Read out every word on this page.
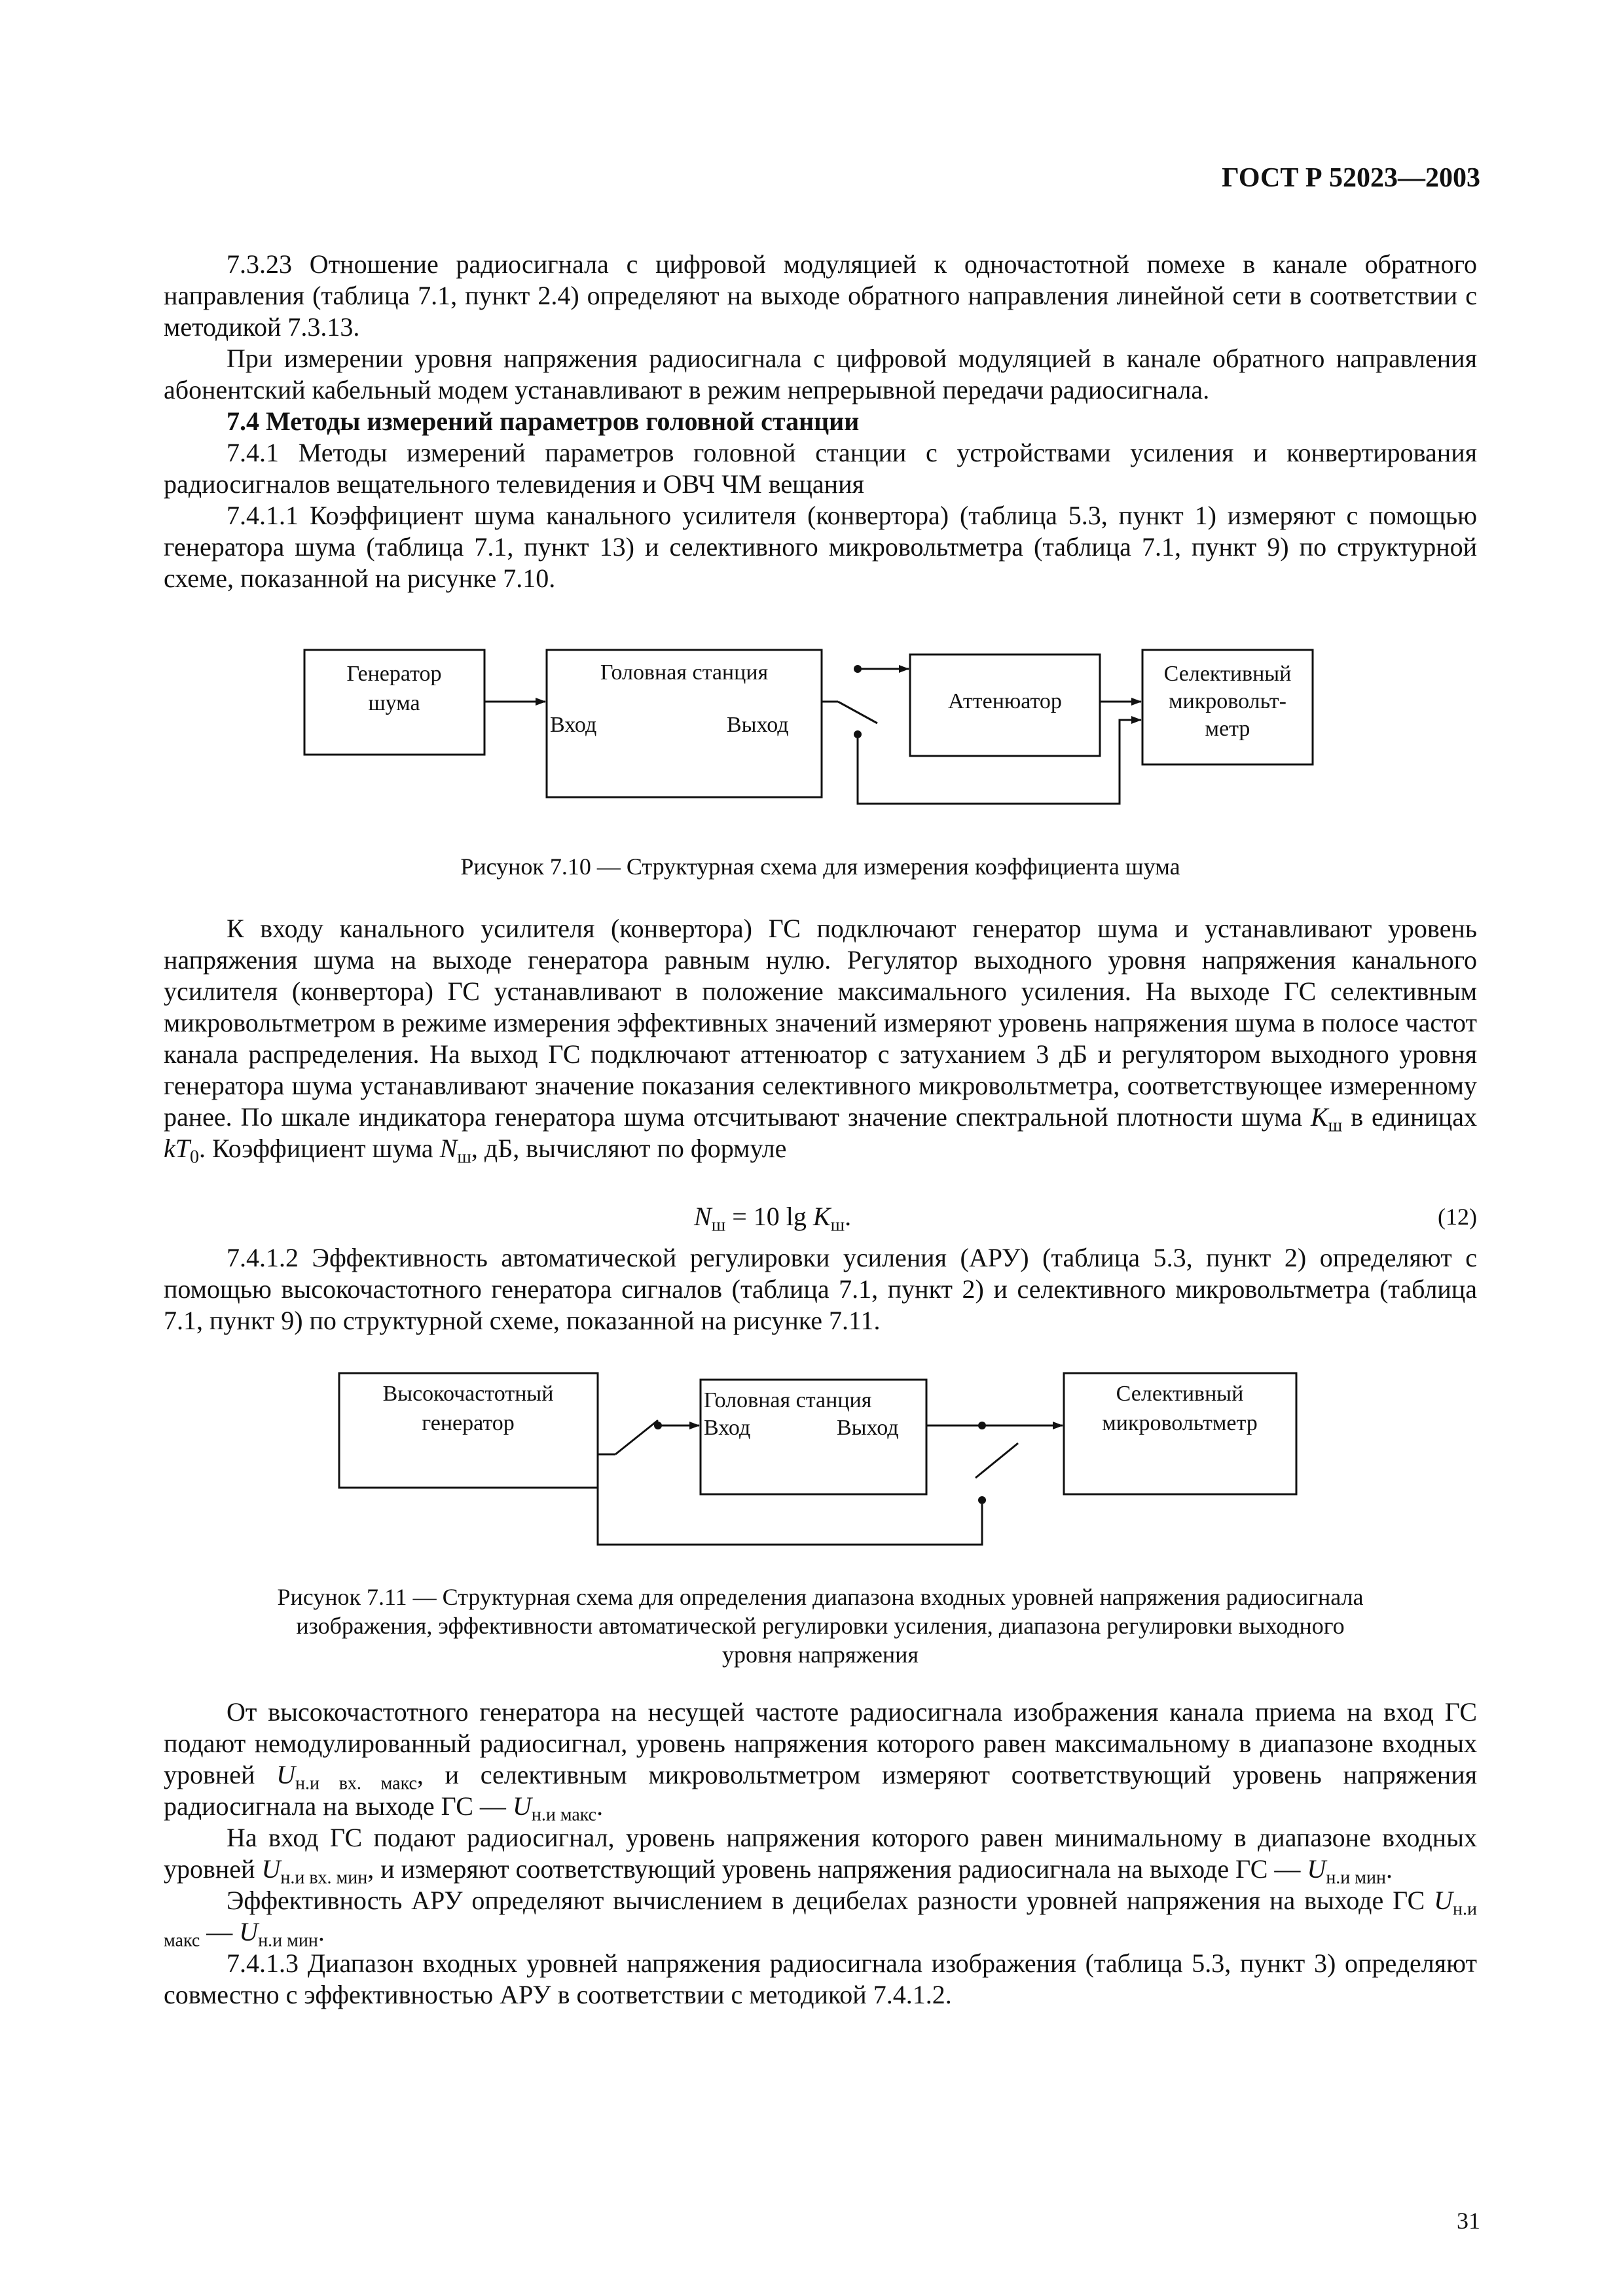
ГОСТ Р 52023—2003

7.3.23 Отношение радиосигнала с цифровой модуляцией к одночастотной помехе в канале обратного направления (таблица 7.1, пункт 2.4) определяют на выходе обратного направления линейной сети в соответствии с методикой 7.3.13.

При измерении уровня напряжения радиосигнала с цифровой модуляцией в канале обратного направления абонентский кабельный модем устанавливают в режим непрерывной передачи радиосигнала.

7.4 Методы измерений параметров головной станции

7.4.1 Методы измерений параметров головной станции с устройствами усиления и конвертирования радиосигналов вещательного телевидения и ОВЧ ЧМ вещания

7.4.1.1 Коэффициент шума канального усилителя (конвертора) (таблица 5.3, пункт 1) измеряют с помощью генератора шума (таблица 7.1, пункт 13) и селективного микровольтметра (таблица 7.1, пункт 9) по структурной схеме, показанной на рисунке 7.10.

Генератор
шума
Головная станция
Аттенюатор
Селективный
микровольт-
метр
Вход	Выход
Рисунок 7.10 — Структурная схема для измерения коэффициента шума

К входу канального усилителя (конвертора) ГС подключают генератор шума и устанавливают уровень напряжения шума на выходе генератора равным нулю. Регулятор выходного уровня напряжения канального усилителя (конвертора) ГС устанавливают в положение максимального усиления. На выходе ГС селективным микровольтметром в режиме измерения эффективных значений измеряют уровень напряжения шума в полосе частот канала распределения. На выход ГС подключают аттенюатор с затуханием 3 дБ и регулятором выходного уровня генератора шума устанавливают значение показания селективного микровольтметра, соответствующее измеренному ранее. По шкале индикатора генератора шума отсчитывают значение спектральной плотности шума $K_ш$ в единицах $kT_0$. Коэффициент шума $N_ш$, дБ, вычисляют по формуле

$N_ш = 10$ $\lg K_ш$.	(12)

7.4.1.2 Эффективность автоматической регулировки усиления (АРУ) (таблица 5.3, пункт 2) определяют с помощью высокочастотного генератора сигналов (таблица 7.1, пункт 2) и селективного микровольтметра (таблица 7.1, пункт 9) по структурной схеме, показанной на рисунке 7.11.

Высокочастотный
генератор
Селективный
микровольтметр
Головная станция
Вход	Выход
Рисунок 7.11 — Структурная схема для определения диапазона входных уровней напряжения радиосигнала
изображения, эффективности автоматической регулировки усиления, диапазона регулировки выходного
уровня напряжения

От высокочастотного генератора на несущей частоте радиосигнала изображения канала приема на вход ГС подают немодулированный радиосигнал, уровень напряжения которого равен максимальному в диапазоне входных уровней $U_{н.и вх. макс}$, и селективным микровольтметром измеряют соответствующий уровень напряжения радиосигнала на выходе ГС — $U_{н.и макс}$.

На вход ГС подают радиосигнал, уровень напряжения которого равен минимальному в диапазоне входных уровней $U_{н.и вх. мин}$, и измеряют соответствующий уровень напряжения радиосигнала на выходе ГС — $U_{н.и мин}$.

Эффективность АРУ определяют вычислением в децибелах разности уровней напряжения на выходе ГС $U_{н.и макс}$ — $U_{н.и мин}$.

7.4.1.3 Диапазон входных уровней напряжения радиосигнала изображения (таблица 5.3, пункт 3) определяют совместно с эффективностью АРУ в соответствии с методикой 7.4.1.2.

31
